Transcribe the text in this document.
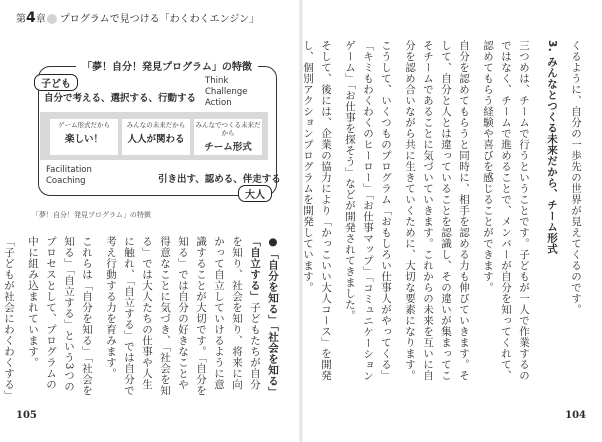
第4章 プログラムで見つける「わくわくエンジン」
「夢！自分！発見プログラム」の特徴
子ども
自分で考える、選択する、行動する
Think
Challenge
Action
ゲーム形式だから
楽しい！
みんなの未来だから
人人が関わる
みんなでつくる未来だから
チーム形式
Facilitation
Coaching	引き出す、認める、伴走する
大人
「夢！自分！発見プログラム」の特徴

●「自分を知る」「社会を知る」「自立する」子どもたちが自分を知り、社会を知り、将来に向かって自立していけるように意識することが大切です。「自分を知る」では自分の好きなことや得意なことに気づき、「社会を知る」では大人たちの仕事や人生に触れ、「自立する」では自分で考え行動する力を育みます。

これらは「自分を知る」「社会を知る」「自立する」という3つのプロセスとして、プログラムの中に組み込まれています。

「子どもが社会にわくわくする」

105

くるように、自分の一歩先の世界が見えてくるのです。

3. みんなとつくる未来だから、チーム形式

三つめは、チームで行うということです。子どもが一人で作業するのではなく、チームで進めることで、メンバーが自分を知ってくれて、認めてもらう経験や喜びを感じることができます。

自分を認めてもらうと同時に、相手を認める力も伸びていきます。そして、自分と人とは違っていることを認識し、その違いが集まってこそチームであることに気づいていきます。これからの未来を互いに自分を認め合いながら共に生きていくために、大切な要素になります。

こうして、いくつものプログラム「おもしろい仕事人がやってくる」「キミもわくわくのヒーロー」「お仕事マップ」「コミュニケーションゲーム」「お仕事を探そう」などが開発されてきました。

そして、後には、企業の協力により「かっこいい大人コース」を開発し、個別アクションプログラムを開発しています。

104
